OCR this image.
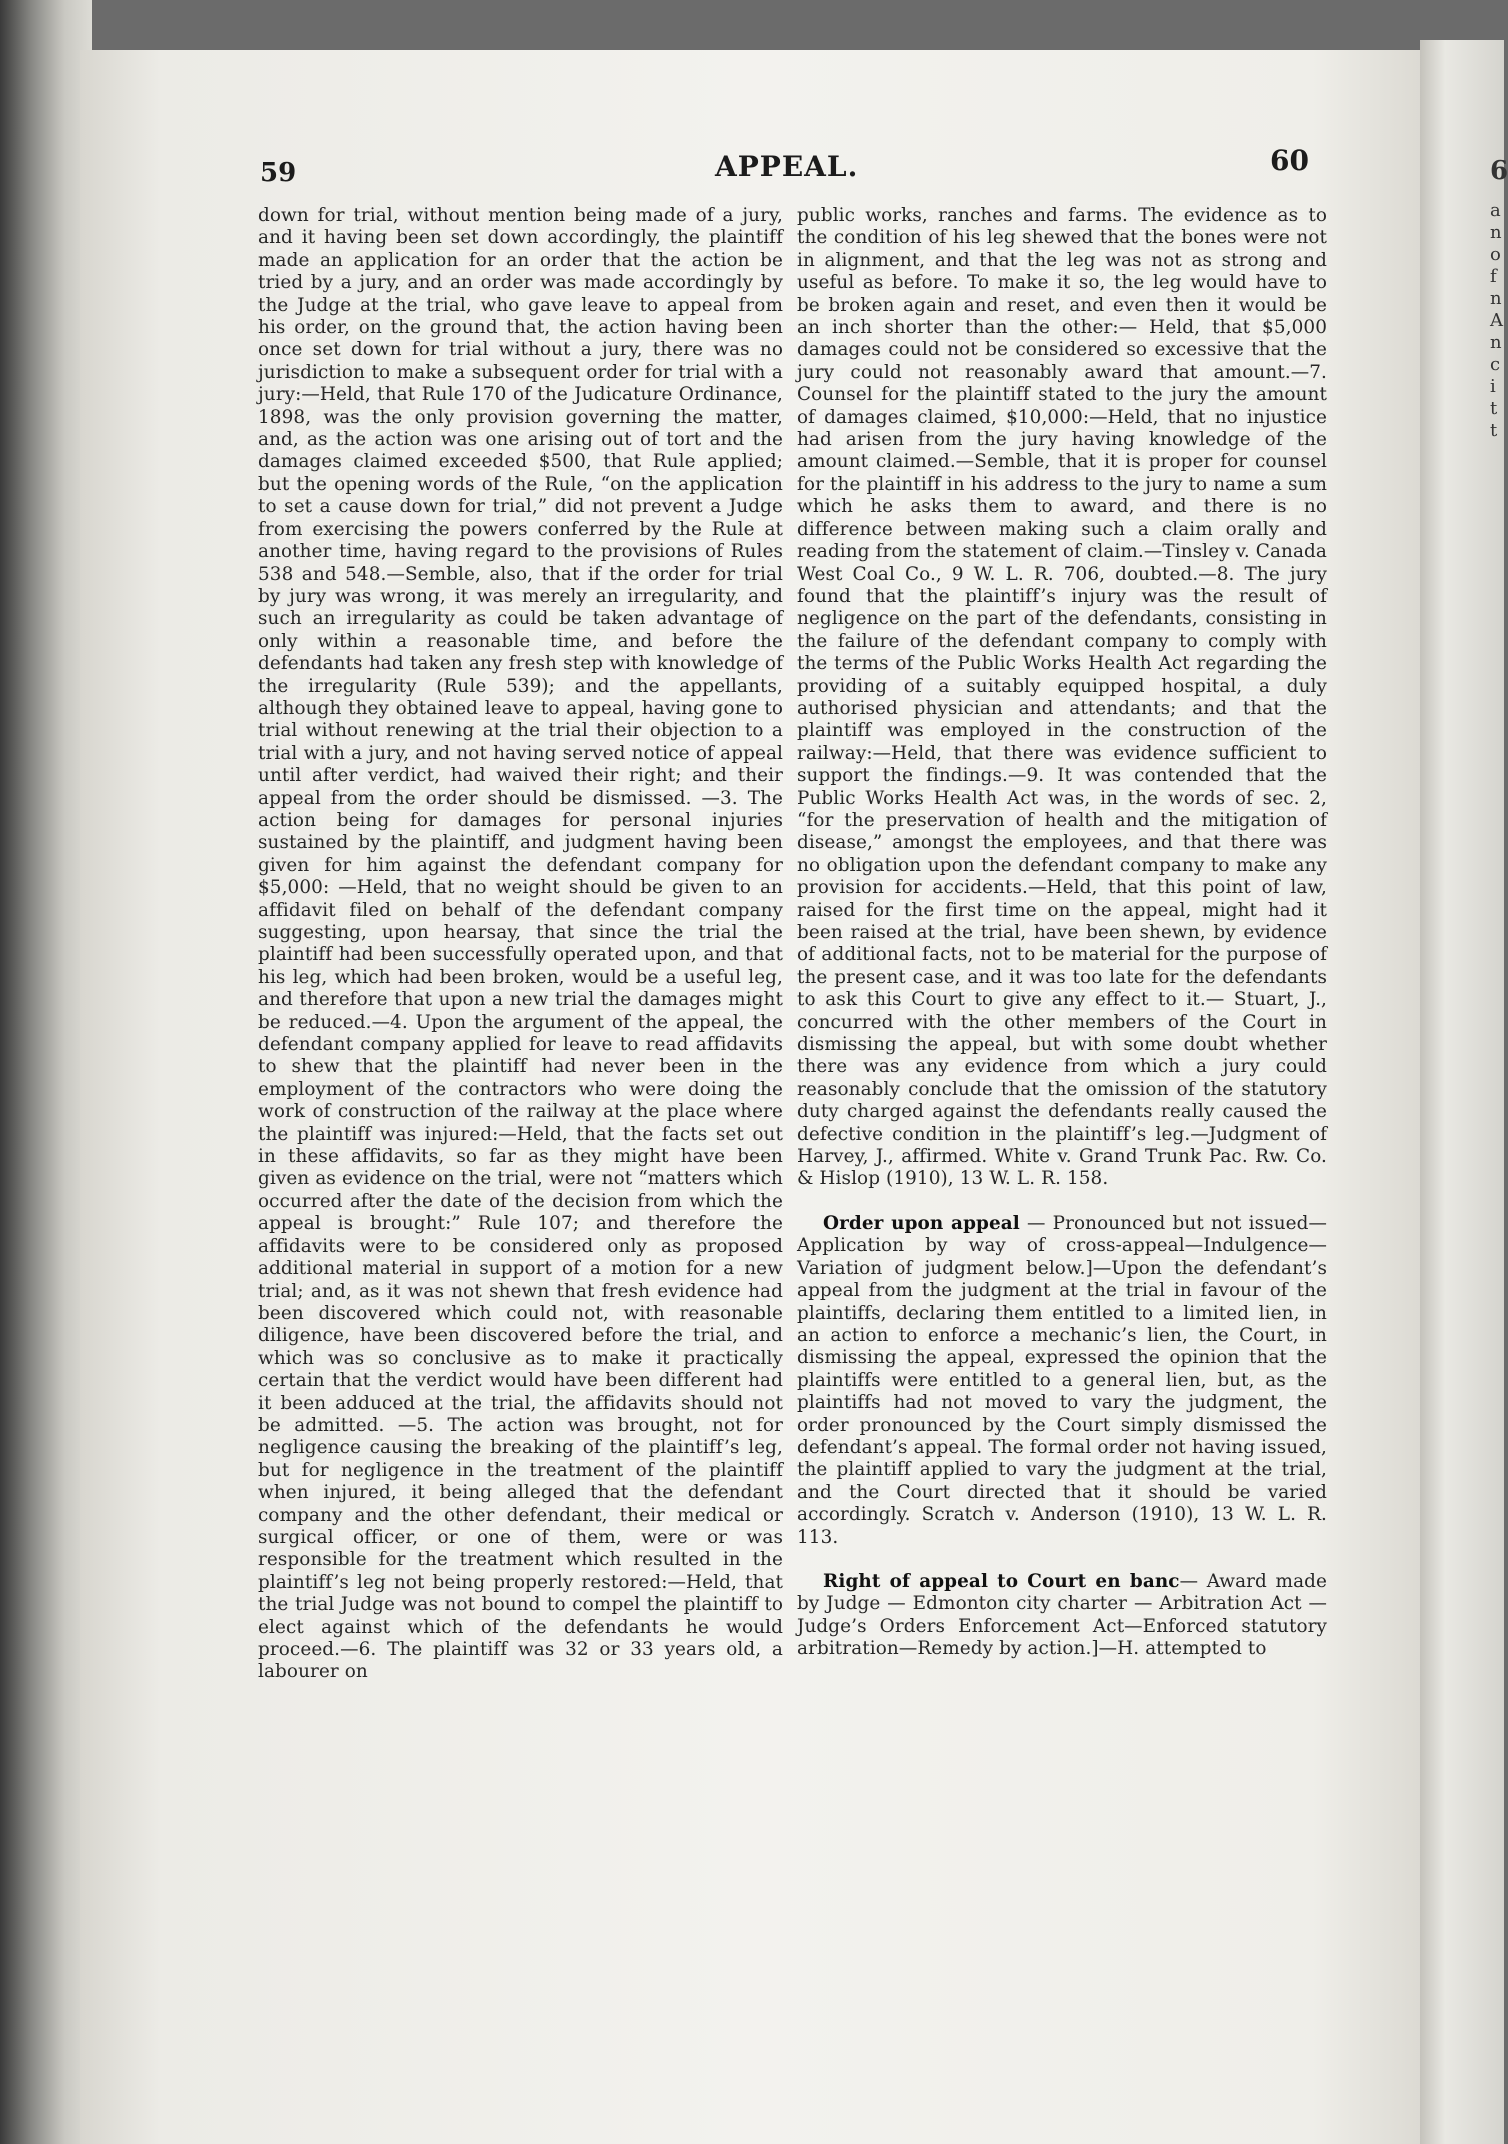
59	APPEAL.	60

down for trial, without mention being made of a jury, and it having been set down accordingly, the plaintiff made an application for an order that the action be tried by a jury, and an order was made accordingly by the Judge at the trial, who gave leave to appeal from his order, on the ground that, the action having been once set down for trial without a jury, there was no jurisdiction to make a subsequent order for trial with a jury:—Held, that Rule 170 of the Judicature Ordinance, 1898, was the only provision governing the matter, and, as the action was one arising out of tort and the damages claimed exceeded $500, that Rule applied; but the opening words of the Rule, “on the application to set a cause down for trial,” did not prevent a Judge from exercising the powers conferred by the Rule at another time, having regard to the provisions of Rules 538 and 548.—Semble, also, that if the order for trial by jury was wrong, it was merely an irregularity, and such an irregularity as could be taken advantage of only within a reasonable time, and before the defendants had taken any fresh step with knowledge of the irregularity (Rule 539); and the appellants, although they obtained leave to appeal, having gone to trial without renewing at the trial their objection to a trial with a jury, and not having served notice of appeal until after verdict, had waived their right; and their appeal from the order should be dismissed. —3. The action being for damages for personal injuries sustained by the plaintiff, and judgment having been given for him against the defendant company for $5,000: —Held, that no weight should be given to an affidavit filed on behalf of the defendant company suggesting, upon hearsay, that since the trial the plaintiff had been successfully operated upon, and that his leg, which had been broken, would be a useful leg, and therefore that upon a new trial the damages might be reduced.—4. Upon the argument of the appeal, the defendant company applied for leave to read affidavits to shew that the plaintiff had never been in the employment of the contractors who were doing the work of construction of the railway at the place where the plaintiff was injured:—Held, that the facts set out in these affidavits, so far as they might have been given as evidence on the trial, were not “matters which occurred after the date of the decision from which the appeal is brought:” Rule 107; and therefore the affidavits were to be considered only as proposed additional material in support of a motion for a new trial; and, as it was not shewn that fresh evidence had been discovered which could not, with reasonable diligence, have been discovered before the trial, and which was so conclusive as to make it practically certain that the verdict would have been different had it been adduced at the trial, the affidavits should not be admitted. —5. The action was brought, not for negligence causing the breaking of the plaintiff’s leg, but for negligence in the treatment of the plaintiff when injured, it being alleged that the defendant company and the other defendant, their medical or surgical officer, or one of them, were or was responsible for the treatment which resulted in the plaintiff’s leg not being properly restored:—Held, that the trial Judge was not bound to compel the plaintiff to elect against which of the defendants he would proceed.—6. The plaintiff was 32 or 33 years old, a labourer on

public works, ranches and farms. The evidence as to the condition of his leg shewed that the bones were not in alignment, and that the leg was not as strong and useful as before. To make it so, the leg would have to be broken again and reset, and even then it would be an inch shorter than the other:— Held, that $5,000 damages could not be considered so excessive that the jury could not reasonably award that amount.—7. Counsel for the plaintiff stated to the jury the amount of damages claimed, $10,000:—Held, that no injustice had arisen from the jury having knowledge of the amount claimed.—Semble, that it is proper for counsel for the plaintiff in his address to the jury to name a sum which he asks them to award, and there is no difference between making such a claim orally and reading from the statement of claim.—Tinsley v. Canada West Coal Co., 9 W. L. R. 706, doubted.—8. The jury found that the plaintiff’s injury was the result of negligence on the part of the defendants, consisting in the failure of the defendant company to comply with the terms of the Public Works Health Act regarding the providing of a suitably equipped hospital, a duly authorised physician and attendants; and that the plaintiff was employed in the construction of the railway:—Held, that there was evidence sufficient to support the findings.—9. It was contended that the Public Works Health Act was, in the words of sec. 2, “for the preservation of health and the mitigation of disease,” amongst the employees, and that there was no obligation upon the defendant company to make any provision for accidents.—Held, that this point of law, raised for the first time on the appeal, might had it been raised at the trial, have been shewn, by evidence of additional facts, not to be material for the purpose of the present case, and it was too late for the defendants to ask this Court to give any effect to it.— Stuart, J., concurred with the other members of the Court in dismissing the appeal, but with some doubt whether there was any evidence from which a jury could reasonably conclude that the omission of the statutory duty charged against the defendants really caused the defective condition in the plaintiff’s leg.—Judgment of Harvey, J., affirmed. White v. Grand Trunk Pac. Rw. Co. & Hislop (1910), 13 W. L. R. 158.

Order upon appeal — Pronounced but not issued—Application by way of cross-appeal—Indulgence—Variation of judgment below.]—Upon the defendant’s appeal from the judgment at the trial in favour of the plaintiffs, declaring them entitled to a limited lien, in an action to enforce a mechanic’s lien, the Court, in dismissing the appeal, expressed the opinion that the plaintiffs were entitled to a general lien, but, as the plaintiffs had not moved to vary the judgment, the order pronounced by the Court simply dismissed the defendant’s appeal. The formal order not having issued, the plaintiff applied to vary the judgment at the trial, and the Court directed that it should be varied accordingly. Scratch v. Anderson (1910), 13 W. L. R. 113.

Right of appeal to Court en banc— Award made by Judge — Edmonton city charter — Arbitration Act — Judge’s Orders Enforcement Act—Enforced statutory arbitration—Remedy by action.]—H. attempted to

6
a
n
o
f
n
A
n
c
i
t
t
